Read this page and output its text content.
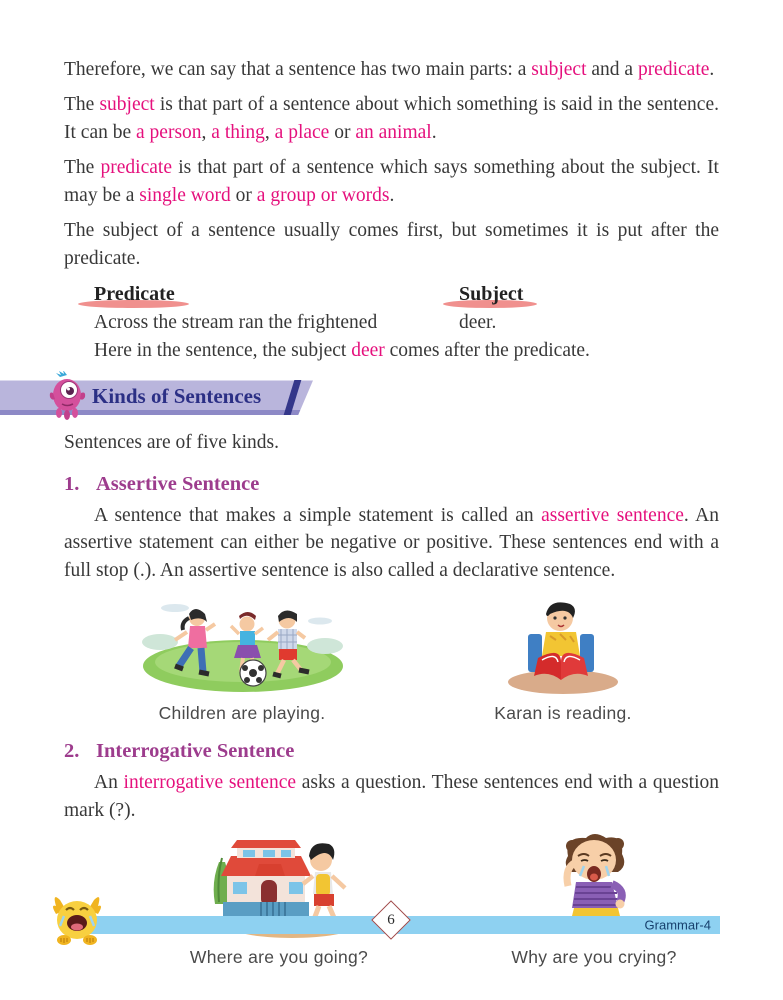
Therefore, we can say that a sentence has two main parts: a subject and a predicate.

The subject is that part of a sentence about which something is said in the sentence. It can be a person, a thing, a place or an animal.

The predicate is that part of a sentence which says something about the subject. It may be a single word or a group or words.

The subject of a sentence usually comes first, but sometimes it is put after the predicate.

Predicate	Subject
Across the stream ran the frightened	deer.
Here in the sentence, the subject deer comes after the predicate.
Kinds of Sentences

Sentences are of five kinds.

1. Assertive Sentence

A sentence that makes a simple statement is called an assertive sentence. An assertive statement can either be negative or positive. These sentences end with a full stop (.). An assertive sentence is also called a declarative sentence.

Children are playing.	Karan is reading.
2. Interrogative Sentence

An interrogative sentence asks a question. These sentences end with a question mark (?).

Where are you going?	Why are you crying?
Grammar-4
6
